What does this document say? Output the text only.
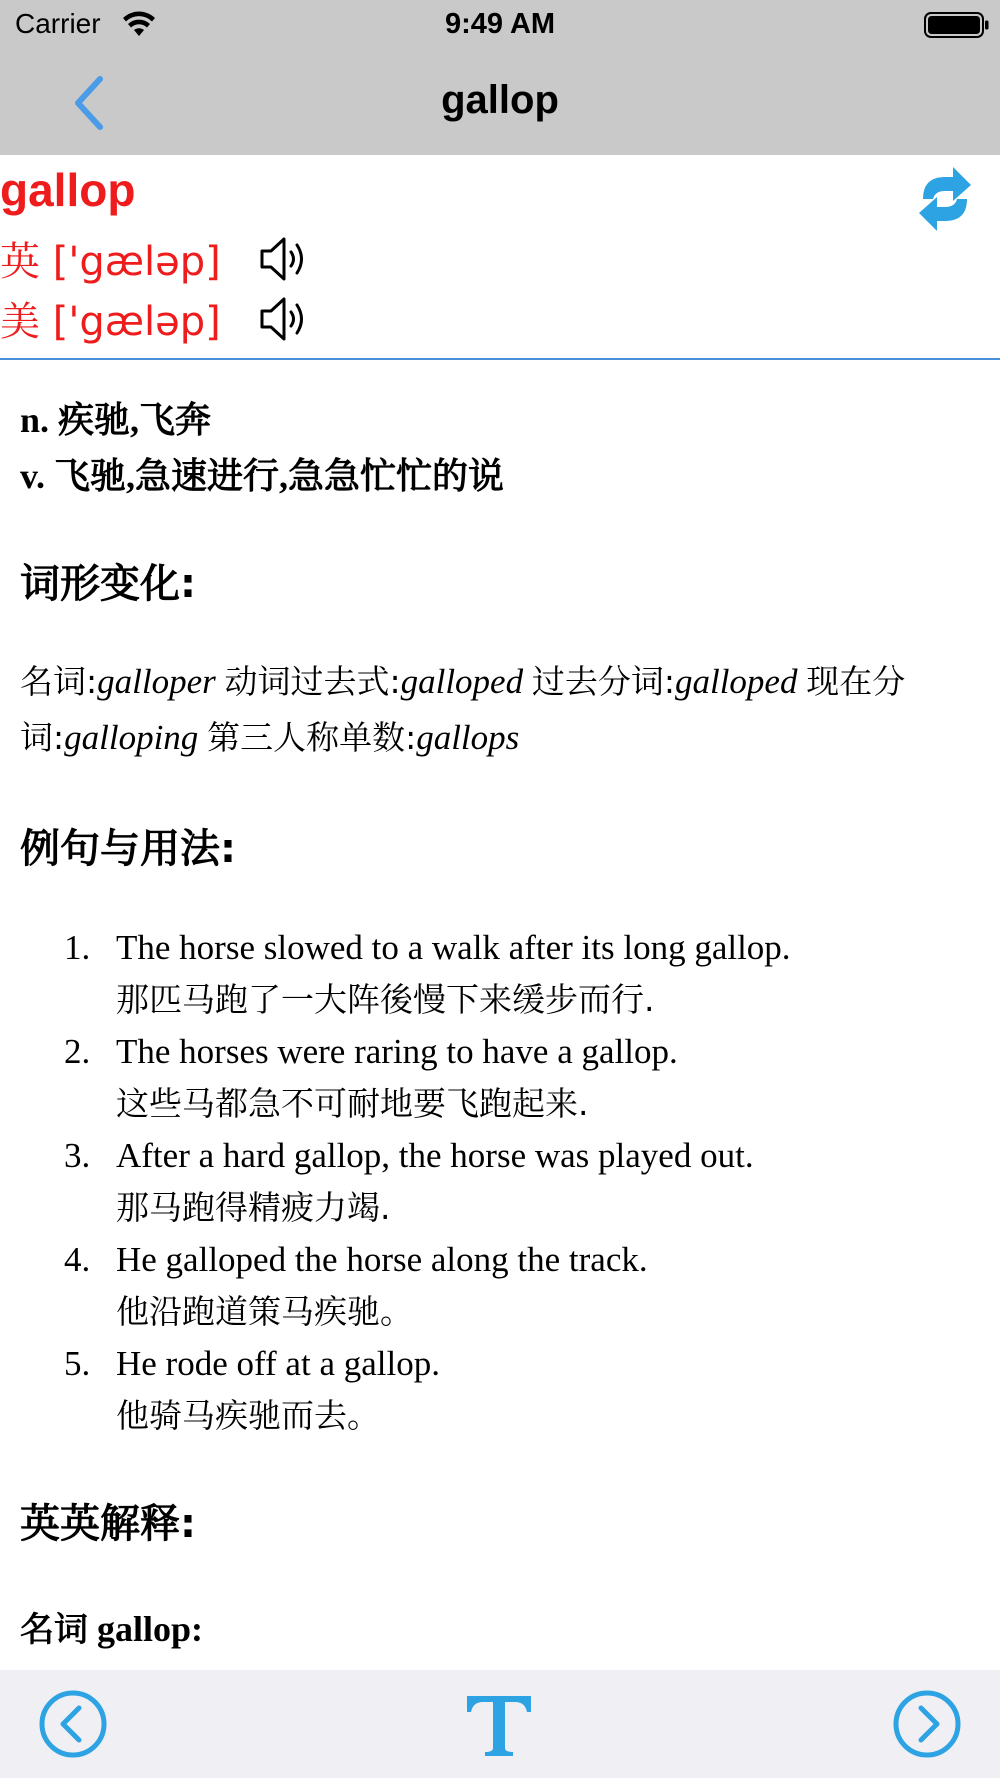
Carrier	9:49 AM
gallop
gallop
英 ['gæləp]
美 ['gæləp]
n. 疾驰,飞奔
v. 飞驰,急速进行,急急忙忙的说
词形变化:
名词:galloper 动词过去式:galloped 过去分词:galloped 现在分词:galloping 第三人称单数:gallops
例句与用法:
1. The horse slowed to a walk after its long gallop.
那匹马跑了一大阵後慢下来缓步而行.
2. The horses were raring to have a gallop.
这些马都急不可耐地要飞跑起来.
3. After a hard gallop, the horse was played out.
那马跑得精疲力竭.
4. He galloped the horse along the track.
他沿跑道策马疾驰。
5. He rode off at a gallop.
他骑马疾驰而去。
英英解释:
名词 gallop:
